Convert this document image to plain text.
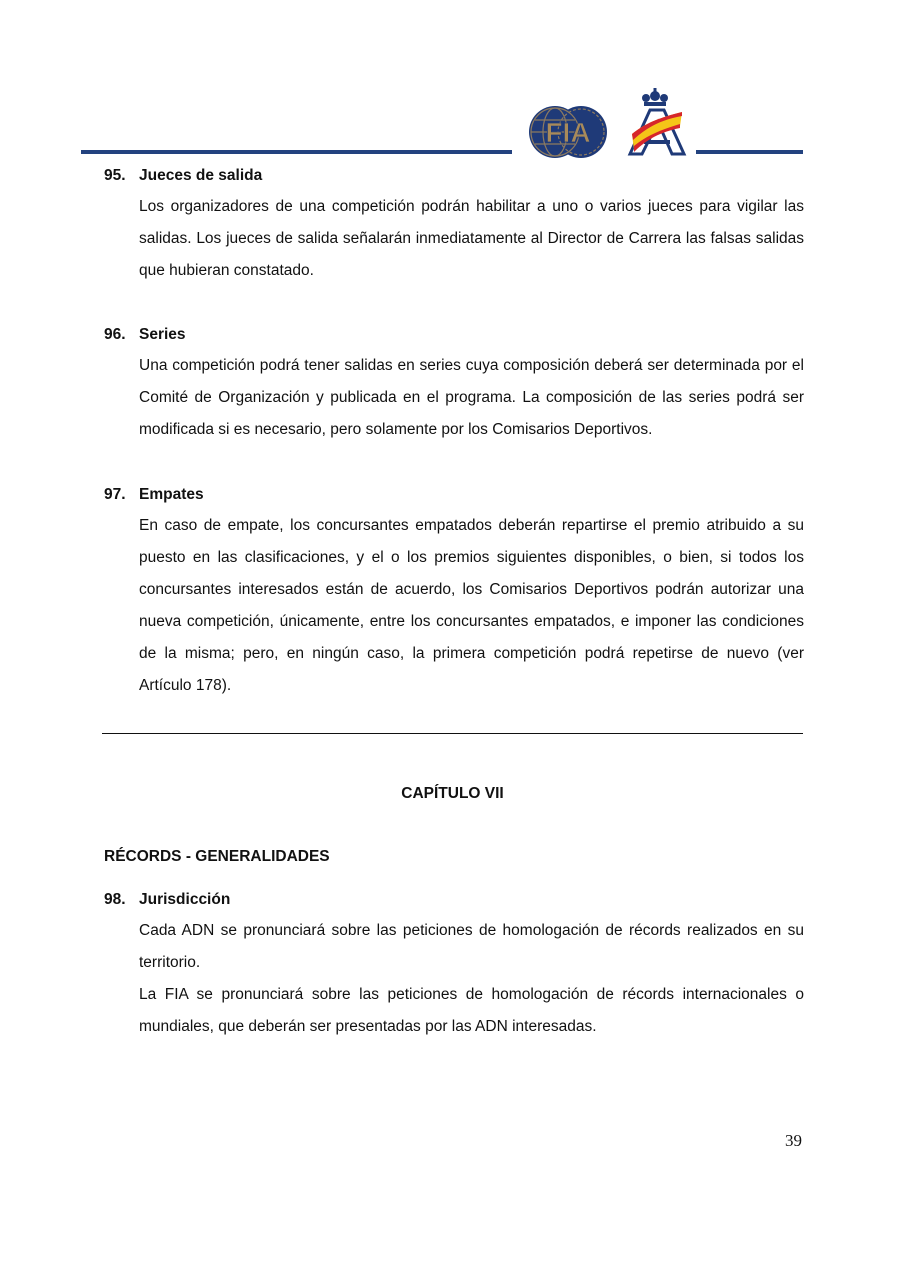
FIA
95. Jueces de salida
Los organizadores de una competición podrán habilitar a uno o varios jueces para vigilar las salidas. Los jueces de salida señalarán inmediatamente al Director de Carrera las falsas salidas que hubieran constatado.
96. Series
Una competición podrá tener salidas en series cuya composición deberá ser determinada por el Comité de Organización y publicada en el programa. La composición de las series podrá ser modificada si es necesario, pero solamente por los Comisarios Deportivos.
97. Empates
En caso de empate, los concursantes empatados deberán repartirse el premio atribuido a su puesto en las clasificaciones, y el o los premios siguientes disponibles, o bien, si todos los concursantes interesados están de acuerdo, los Comisarios Deportivos podrán autorizar una nueva competición, únicamente, entre los concursantes empatados, e imponer las condiciones de la misma; pero, en ningún caso, la primera competición podrá repetirse de nuevo (ver Artículo 178).
CAPÍTULO VII
RÉCORDS - GENERALIDADES
98. Jurisdicción
Cada ADN se pronunciará sobre las peticiones de homologación de récords realizados en su territorio.
La FIA se pronunciará sobre las peticiones de homologación de récords internacionales o mundiales, que deberán ser presentadas por las ADN interesadas.
39
